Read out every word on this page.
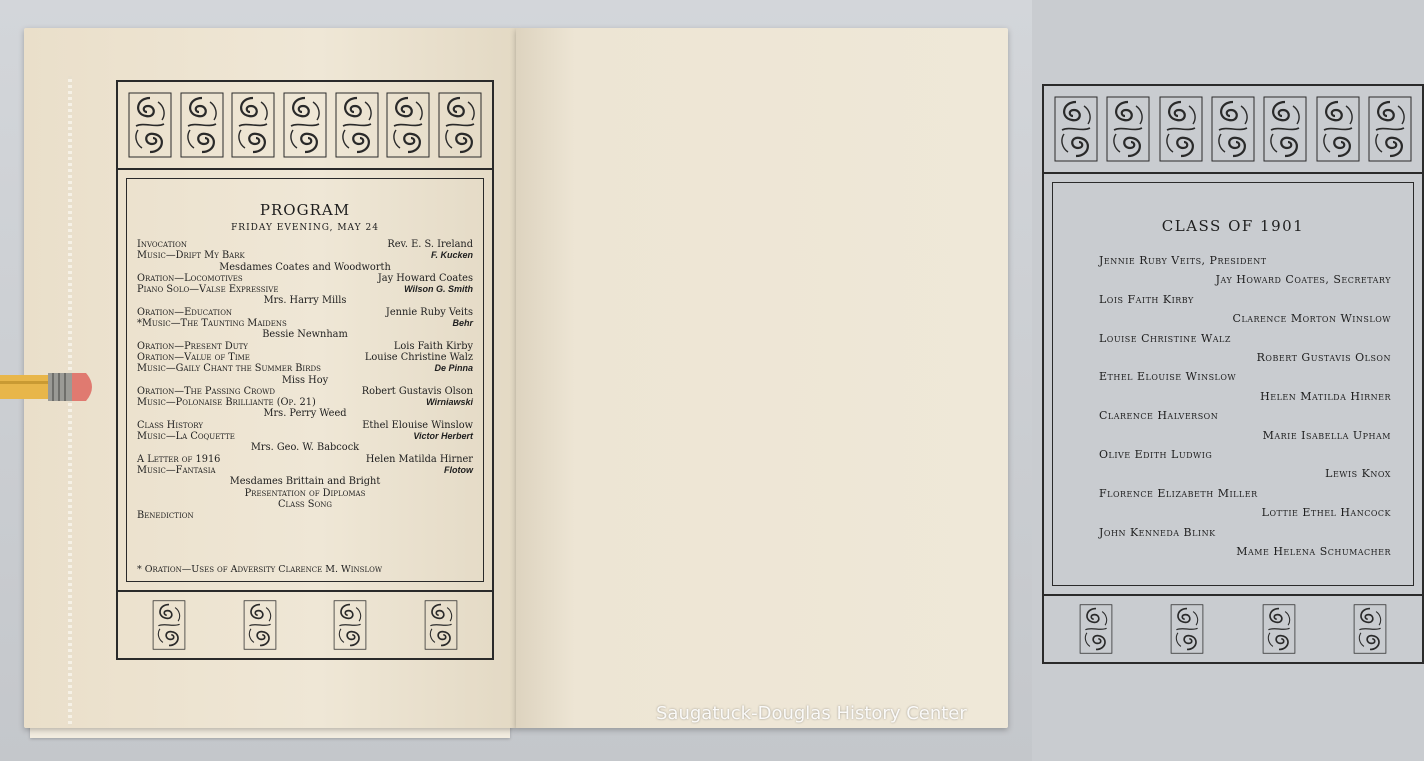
PROGRAM
FRIDAY EVENING, MAY 24
Invocation	Rev. E. S. Ireland
Music—Drift My Bark	F. Kucken
Mesdames Coates and Woodworth
Oration—Locomotives	Jay Howard Coates
Piano Solo—Valse Expressive	Wilson G. Smith
Mrs. Harry Mills
Oration—Education	Jennie Ruby Veits
*Music—The Taunting Maidens	Behr
Bessie Newnham
Oration—Present Duty	Lois Faith Kirby
Oration—Value of Time	Louise Christine Walz
Music—Gaily Chant the Summer Birds	De Pinna
Miss Hoy
Oration—The Passing Crowd	Robert Gustavis Olson
Music—Polonaise Brilliante (Op. 21)	Wirniawski
Mrs. Perry Weed
Class History	Ethel Elouise Winslow
Music—La Coquette	Victor Herbert
Mrs. Geo. W. Babcock
A Letter of 1916	Helen Matilda Hirner
Music—Fantasia	Flotow
Mesdames Brittain and Bright
Presentation of Diplomas
Class Song
Benediction
* Oration—Uses of Adversity Clarence M. Winslow
CLASS OF 1901
Jennie Ruby Veits, President
Jay Howard Coates, Secretary
Lois Faith Kirby
Clarence Morton Winslow
Louise Christine Walz
Robert Gustavis Olson
Ethel Elouise Winslow
Helen Matilda Hirner
Clarence Halverson
Marie Isabella Upham
Olive Edith Ludwig
Lewis Knox
Florence Elizabeth Miller
Lottie Ethel Hancock
John Kenneda Blink
Mame Helena Schumacher
Saugatuck-Douglas History Center
